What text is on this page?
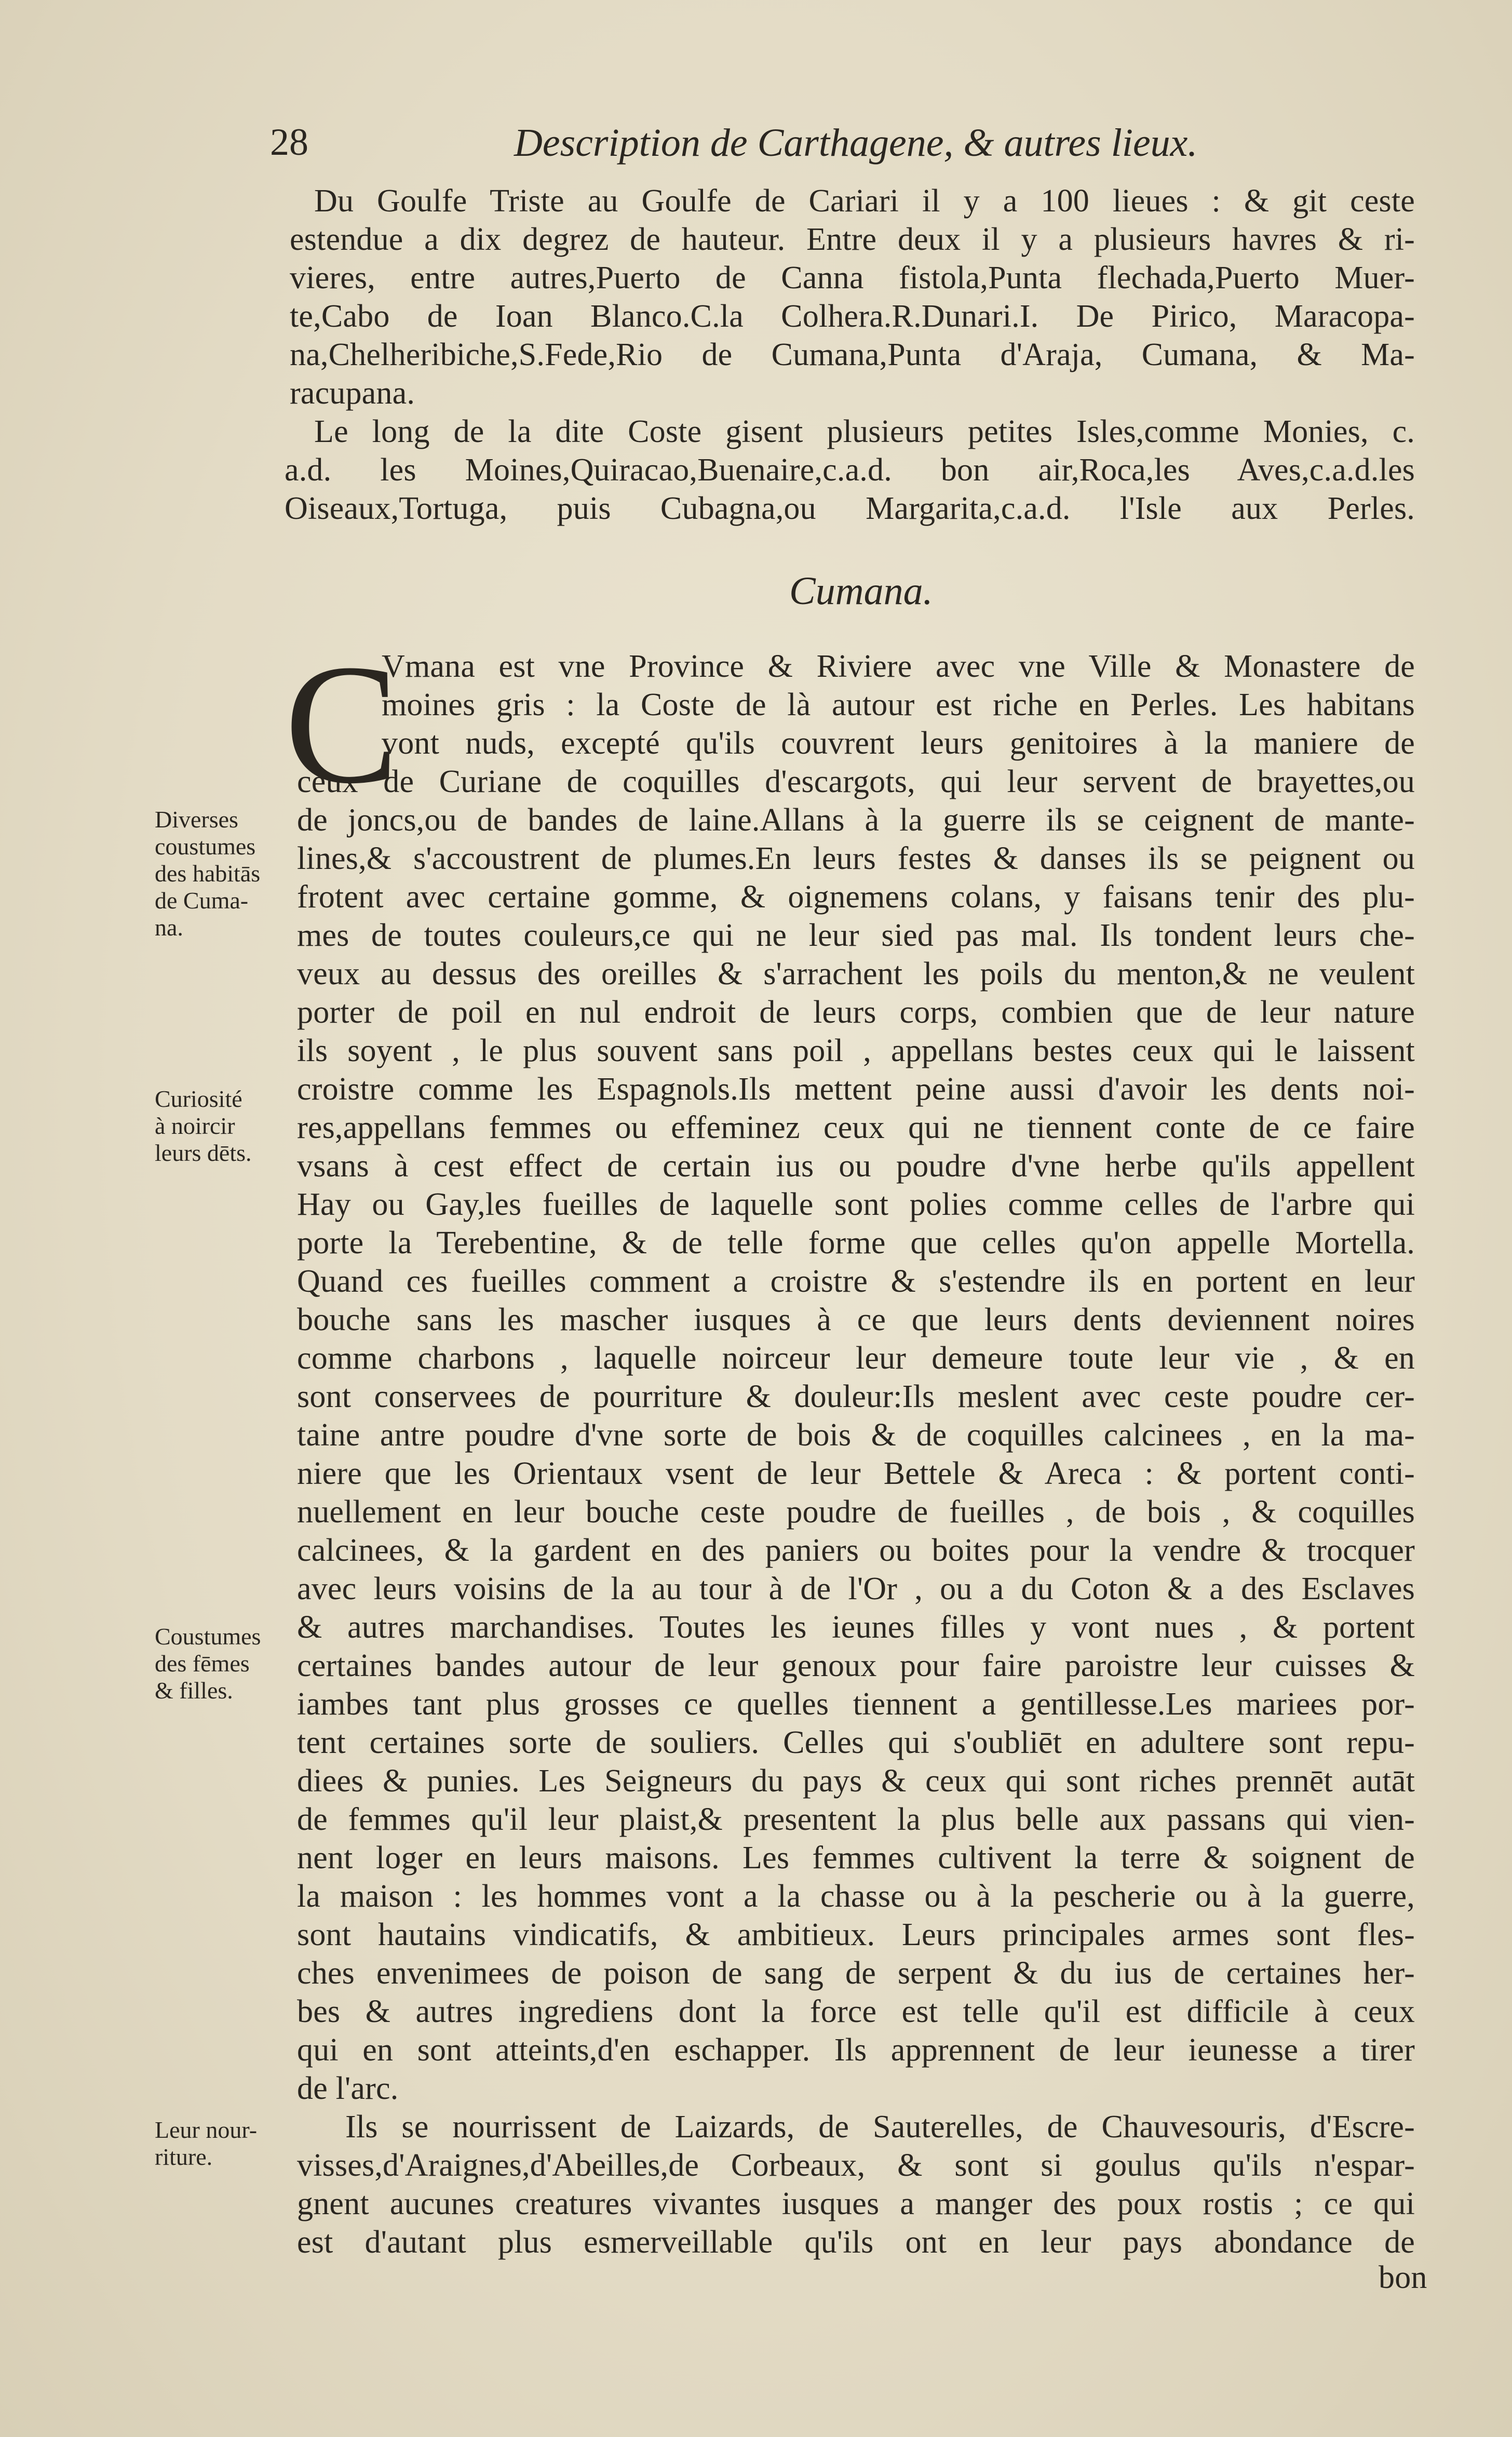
28	Description de Carthagene, & autres lieux.
Du Goulfe Triste au Goulfe de Cariari il y a 100 lieues : & git ceste
estendue a dix degrez de hauteur. Entre deux il y a plusieurs havres & ri-
vieres, entre autres,Puerto de Canna fistola,Punta flechada,Puerto Muer-
te,Cabo de Ioan Blanco.C.la Colhera.R.Dunari.I. De Pirico, Maracopa-
na,Chelheribiche,S.Fede,Rio de Cumana,Punta d'Araja, Cumana, & Ma-
racupana.
Le long de la dite Coste gisent plusieurs petites Isles,comme Monies, c.
a.d. les Moines,Quiracao,Buenaire,c.a.d. bon air,Roca,les Aves,c.a.d.les
Oiseaux,Tortuga, puis Cubagna,ou Margarita,c.a.d. l'Isle aux Perles.
Cumana.
C
Vmana est vne Province & Riviere avec vne Ville & Monastere de
moines gris : la Coste de là autour est riche en Perles. Les habitans
vont nuds, excepté qu'ils couvrent leurs genitoires à la maniere de
ceux de Curiane de coquilles d'escargots, qui leur servent de brayettes,ou
de joncs,ou de bandes de laine.Allans à la guerre ils se ceignent de mante-
lines,& s'accoustrent de plumes.En leurs festes & danses ils se peignent ou
frotent avec certaine gomme, & oignemens colans, y faisans tenir des plu-
mes de toutes couleurs,ce qui ne leur sied pas mal. Ils tondent leurs che-
veux au dessus des oreilles & s'arrachent les poils du menton,& ne veulent
porter de poil en nul endroit de leurs corps, combien que de leur nature
ils soyent , le plus souvent sans poil , appellans bestes ceux qui le laissent
croistre comme les Espagnols.Ils mettent peine aussi d'avoir les dents noi-
res,appellans femmes ou effeminez ceux qui ne tiennent conte de ce faire
vsans à cest effect de certain ius ou poudre d'vne herbe qu'ils appellent
Hay ou Gay,les fueilles de laquelle sont polies comme celles de l'arbre qui
porte la Terebentine, & de telle forme que celles qu'on appelle Mortella.
Quand ces fueilles comment a croistre & s'estendre ils en portent en leur
bouche sans les mascher iusques à ce que leurs dents deviennent noires
comme charbons , laquelle noirceur leur demeure toute leur vie , & en
sont conservees de pourriture & douleur:Ils meslent avec ceste poudre cer-
taine antre poudre d'vne sorte de bois & de coquilles calcinees , en la ma-
niere que les Orientaux vsent de leur Bettele & Areca : & portent conti-
nuellement en leur bouche ceste poudre de fueilles , de bois , & coquilles
calcinees, & la gardent en des paniers ou boites pour la vendre & trocquer
avec leurs voisins de la au tour à de l'Or , ou a du Coton & a des Esclaves
& autres marchandises. Toutes les ieunes filles y vont nues , & portent
certaines bandes autour de leur genoux pour faire paroistre leur cuisses &
iambes tant plus grosses ce quelles tiennent a gentillesse.Les mariees por-
tent certaines sorte de souliers. Celles qui s'oubliēt en adultere sont repu-
diees & punies. Les Seigneurs du pays & ceux qui sont riches prennēt autāt
de femmes qu'il leur plaist,& presentent la plus belle aux passans qui vien-
nent loger en leurs maisons. Les femmes cultivent la terre & soignent de
la maison : les hommes vont a la chasse ou à la pescherie ou à la guerre,
sont hautains vindicatifs, & ambitieux. Leurs principales armes sont fles-
ches envenimees de poison de sang de serpent & du ius de certaines her-
bes & autres ingrediens dont la force est telle qu'il est difficile à ceux
qui en sont atteints,d'en eschapper. Ils apprennent de leur ieunesse a tirer
de l'arc.
Ils se nourrissent de Laizards, de Sauterelles, de Chauvesouris, d'Escre-
visses,d'Araignes,d'Abeilles,de Corbeaux, & sont si goulus qu'ils n'espar-
gnent aucunes creatures vivantes iusques a manger des poux rostis ; ce qui
est d'autant plus esmerveillable qu'ils ont en leur pays abondance de
bon
Diverses
coustumes
des habitās
de Cuma-
na.
Curiosité
à noircir
leurs dēts.
Coustumes
des fēmes
& filles.
Leur nour-
riture.
